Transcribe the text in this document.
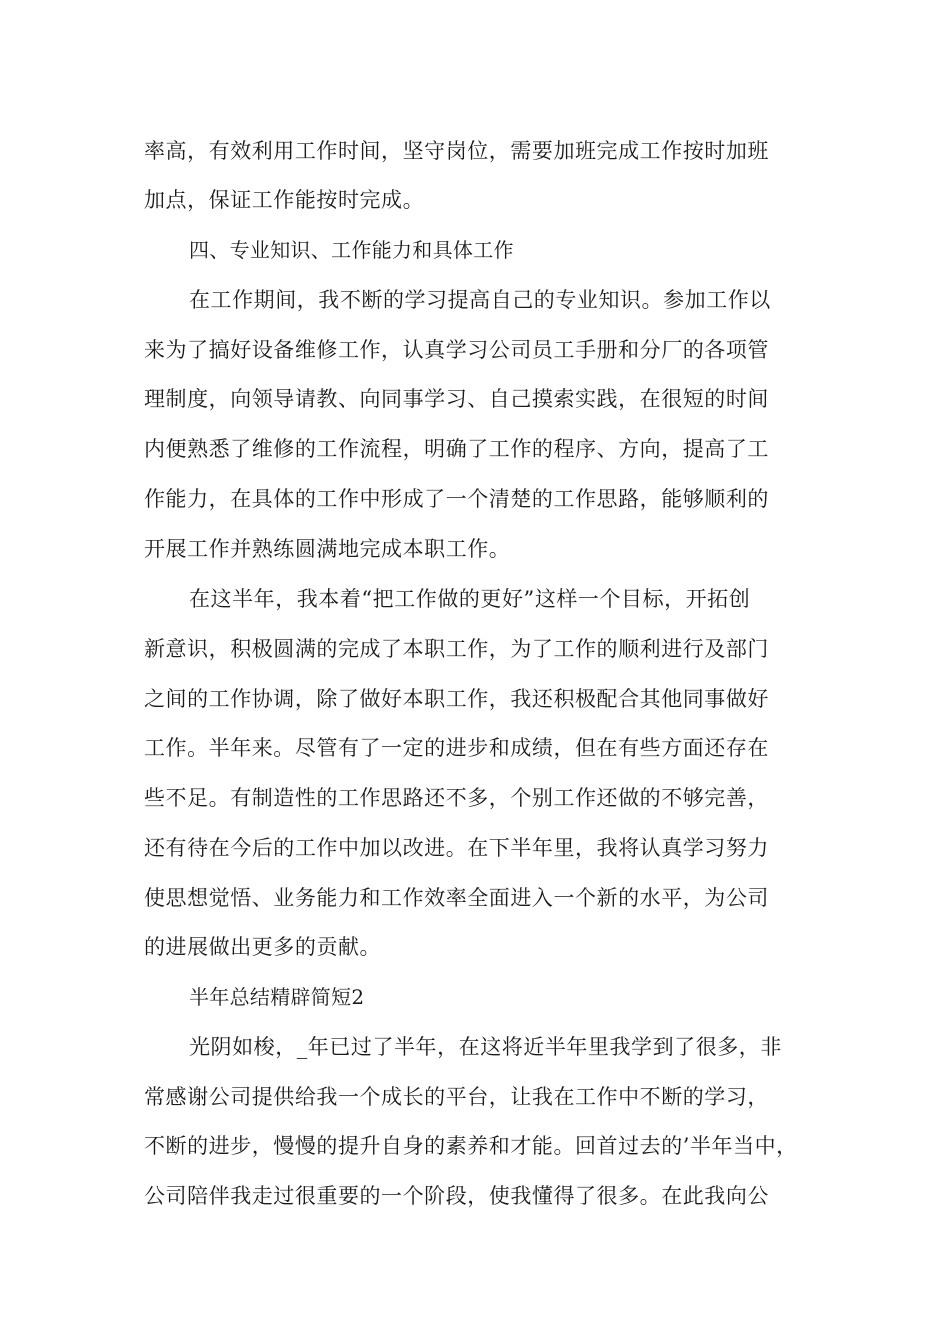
率高，有效利用工作时间，坚守岗位，需要加班完成工作按时加班

加点，保证工作能按时完成。

四、专业知识、工作能力和具体工作

在工作期间，我不断的学习提高自己的专业知识。参加工作以

来为了搞好设备维修工作，认真学习公司员工手册和分厂的各项管

理制度，向领导请教、向同事学习、自己摸索实践，在很短的时间

内便熟悉了维修的工作流程，明确了工作的程序、方向，提高了工

作能力，在具体的工作中形成了一个清楚的工作思路，能够顺利的

开展工作并熟练圆满地完成本职工作。

在这半年，我本着“把工作做的更好”这样一个目标，开拓创

新意识，积极圆满的完成了本职工作，为了工作的顺利进行及部门

之间的工作协调，除了做好本职工作，我还积极配合其他同事做好

工作。半年来。尽管有了一定的进步和成绩，但在有些方面还存在

些不足。有制造性的工作思路还不多，个别工作还做的不够完善，

还有待在今后的工作中加以改进。在下半年里，我将认真学习努力

使思想觉悟、业务能力和工作效率全面进入一个新的水平，为公司

的进展做出更多的贡献。

半年总结精辟简短2

光阴如梭，_年已过了半年，在这将近半年里我学到了很多，非

常感谢公司提供给我一个成长的平台，让我在工作中不断的学习，

不断的进步，慢慢的提升自身的素养和才能。回首过去的’半年当中，

公司陪伴我走过很重要的一个阶段，使我懂得了很多。在此我向公
